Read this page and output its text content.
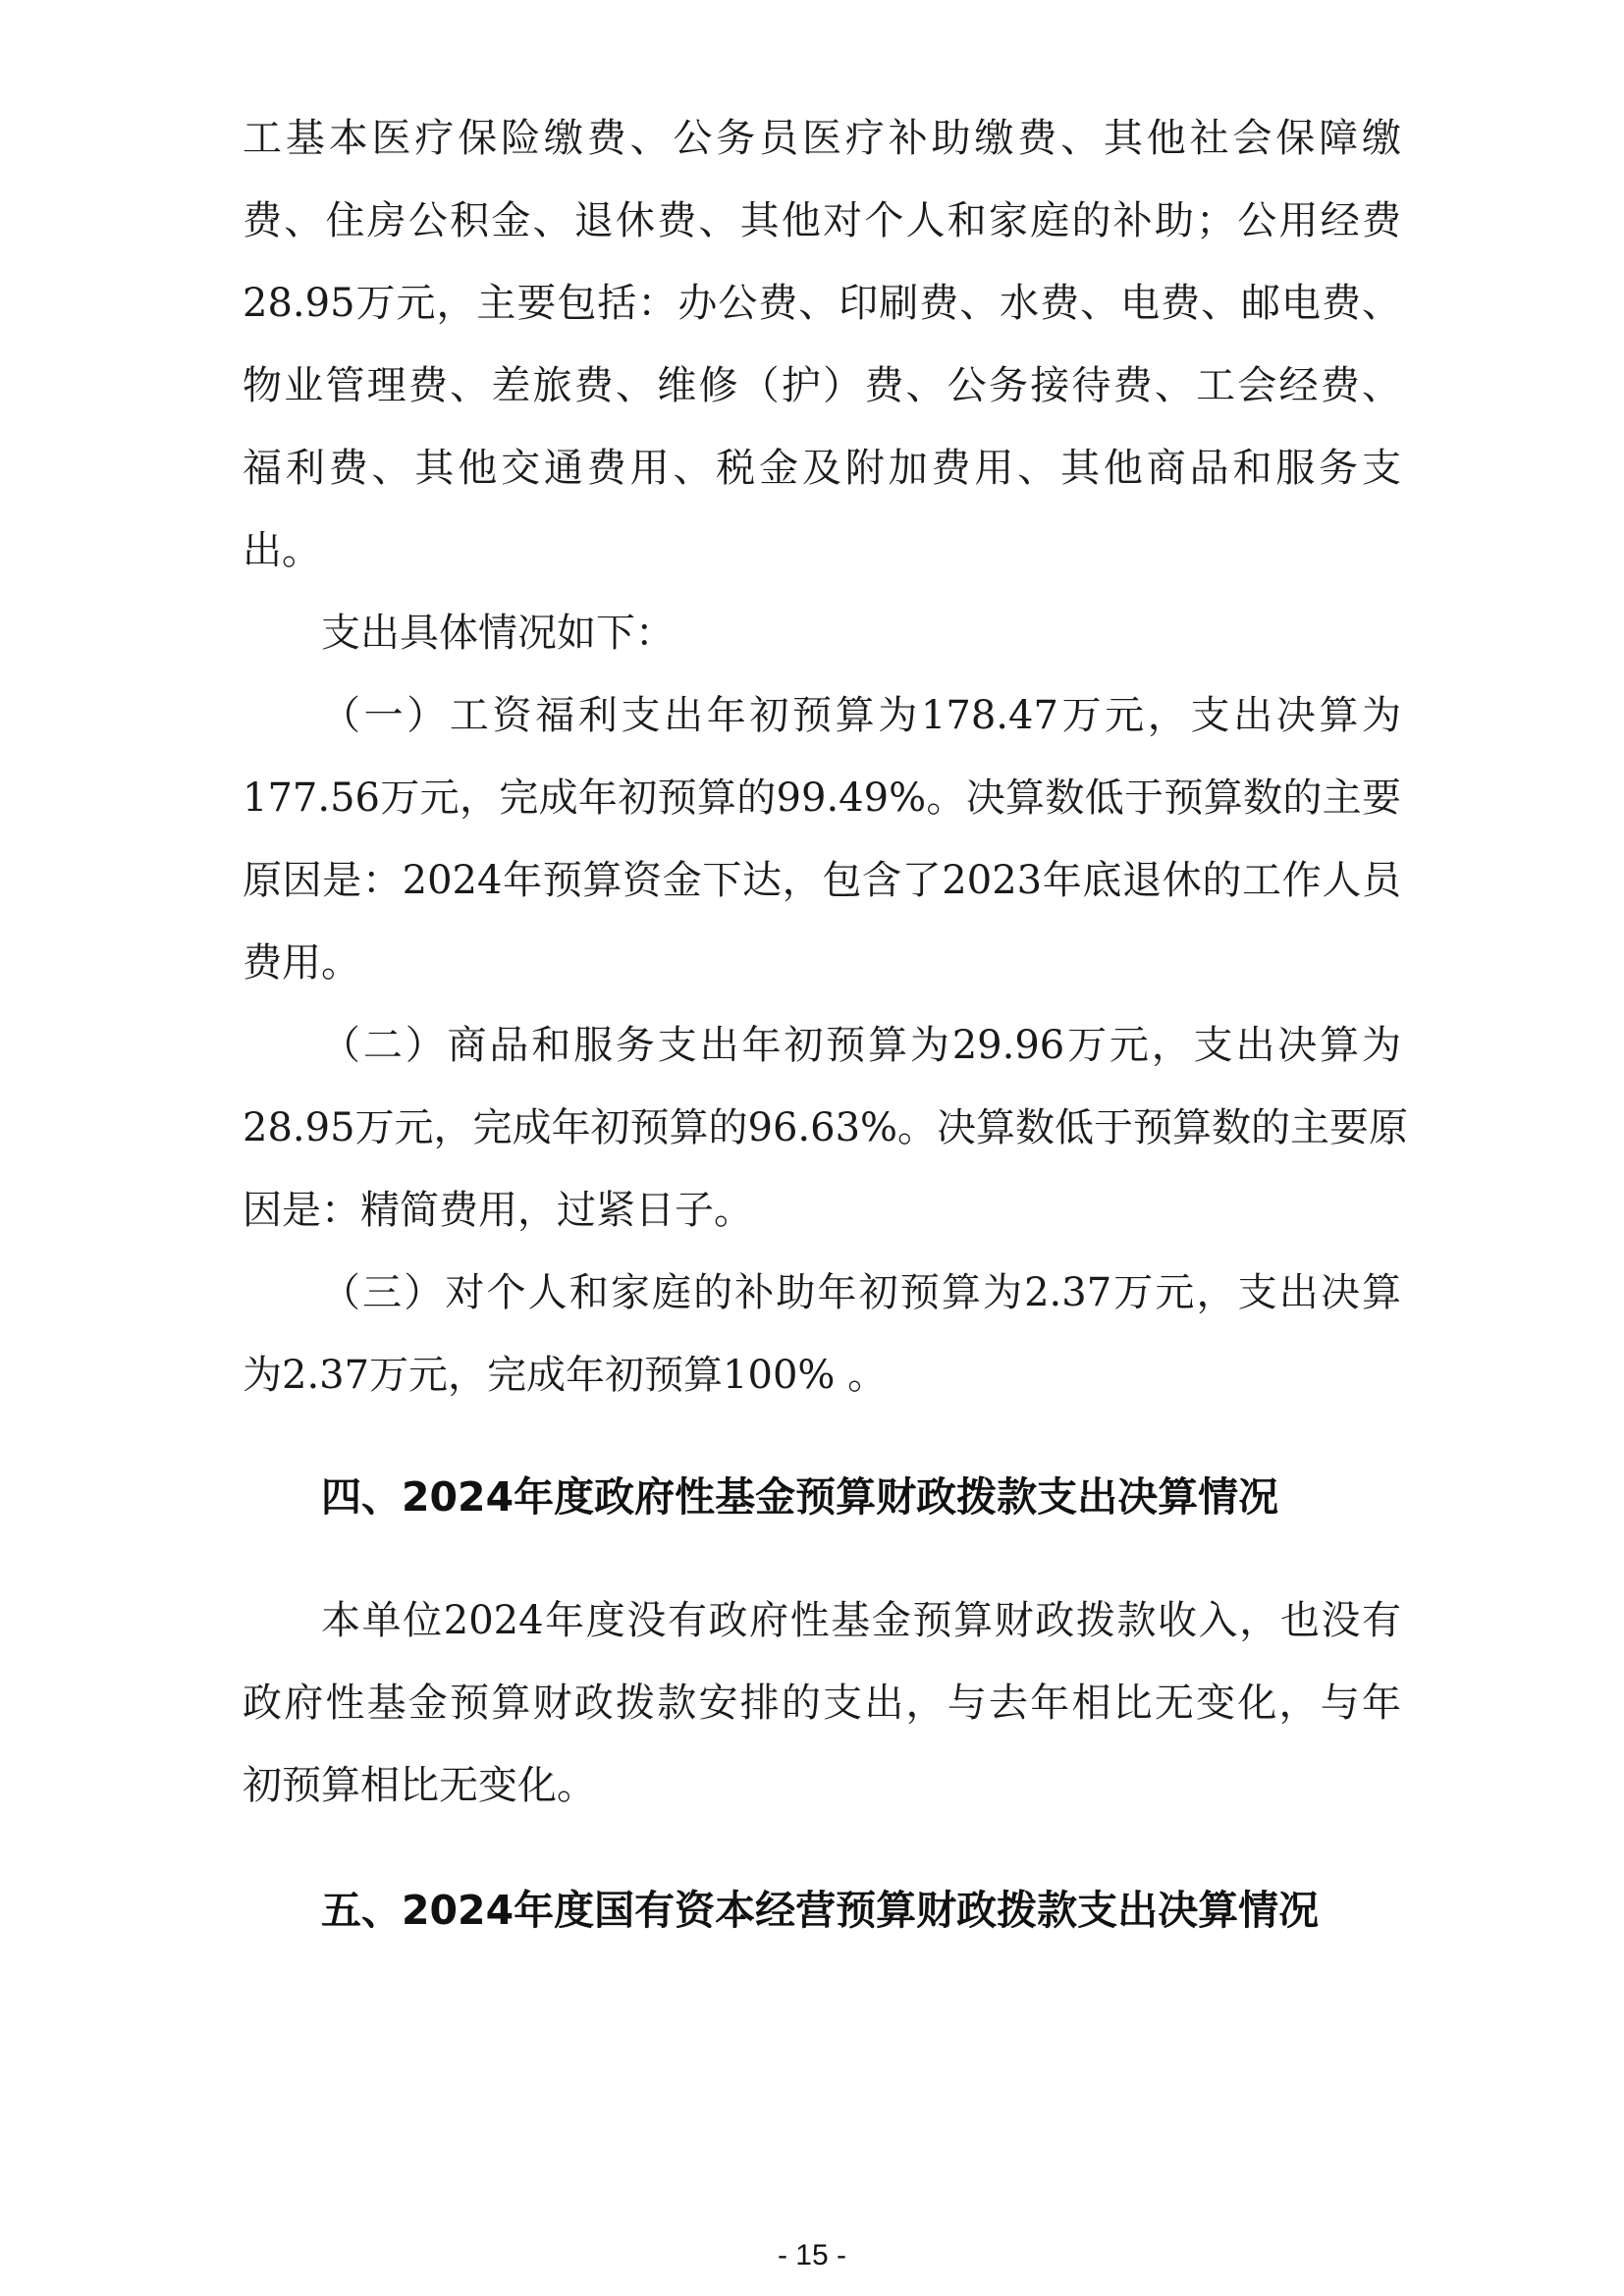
工基本医疗保险缴费、公务员医疗补助缴费、其他社会保障缴
费、住房公积金、退休费、其他对个人和家庭的补助；公用经费
28.95万元，主要包括：办公费、印刷费、水费、电费、邮电费、
物业管理费、差旅费、维修（护）费、公务接待费、工会经费、
福利费、其他交通费用、税金及附加费用、其他商品和服务支
出。
支出具体情况如下：
（一）工资福利支出年初预算为178.47万元，支出决算为
177.56万元，完成年初预算的99.49%。决算数低于预算数的主要
原因是：2024年预算资金下达，包含了2023年底退休的工作人员
费用。
（二）商品和服务支出年初预算为29.96万元，支出决算为
28.95万元，完成年初预算的96.63%。决算数低于预算数的主要原
因是：精简费用，过紧日子。
（三）对个人和家庭的补助年初预算为2.37万元，支出决算
为2.37万元，完成年初预算100% 。
四、2024年度政府性基金预算财政拨款支出决算情况
本单位2024年度没有政府性基金预算财政拨款收入，也没有
政府性基金预算财政拨款安排的支出，与去年相比无变化，与年
初预算相比无变化。
五、2024年度国有资本经营预算财政拨款支出决算情况
- 15 -
